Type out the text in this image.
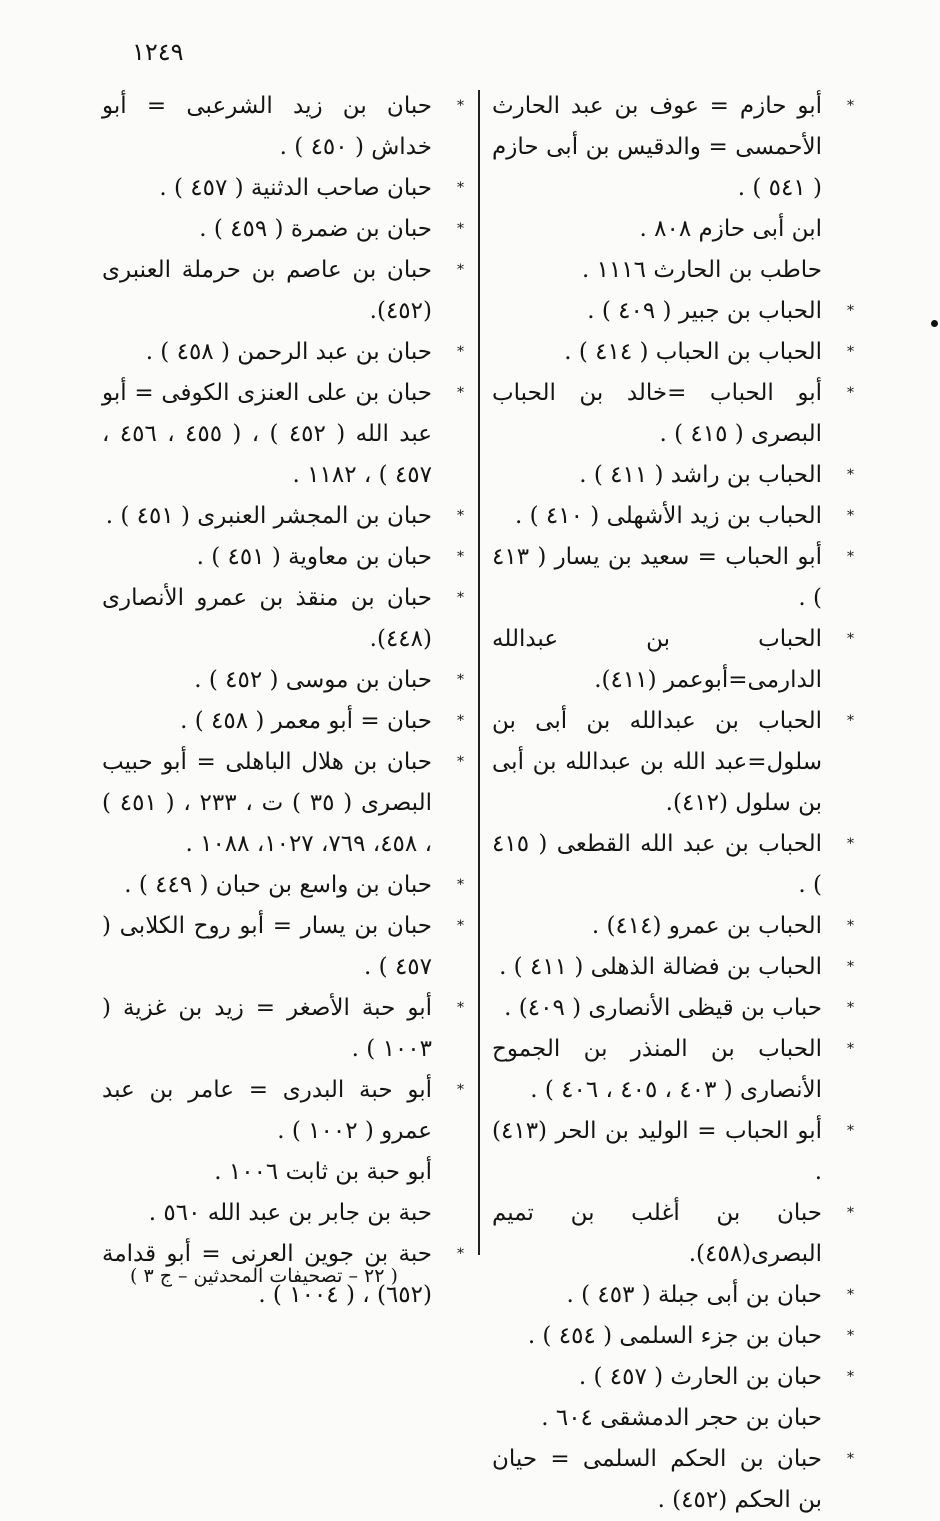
١٢٤٩
* أبو حازم = عوف بن عبد الحارث الأحمسى = والدقيس بن أبى حازم ( ٥٤١ ) .
ابن أبى حازم ٨٠٨ .
حاطب بن الحارث ١١١٦ .
* الحباب بن جبير ( ٤٠٩ ) .
* الحباب بن الحباب ( ٤١٤ ) .
* أبو الحباب =خالد بن الحباب البصرى ( ٤١٥ ) .
* الحباب بن راشد ( ٤١١ ) .
* الحباب بن زيد الأشهلى ( ٤١٠ ) .
* أبو الحباب = سعيد بن يسار ( ٤١٣ ) .
* الحباب بن عبدالله الدارمى=أبوعمر (٤١١).
* الحباب بن عبدالله بن أبى بن سلول=عبد الله بن عبدالله بن أبى بن سلول (٤١٢).
* الحباب بن عبد الله القطعى ( ٤١٥ ) .
* الحباب بن عمرو (٤١٤) .
* الحباب بن فضالة الذهلى ( ٤١١ ) .
* حباب بن قيظى الأنصارى ( ٤٠٩) .
* الحباب بن المنذر بن الجموح الأنصارى ( ٤٠٣ ، ٤٠٥ ، ٤٠٦ ) .
* أبو الحباب = الوليد بن الحر (٤١٣) .
* حبان بن أغلب بن تميم البصرى(٤٥٨).
* حبان بن أبى جبلة ( ٤٥٣ ) .
* حبان بن جزء السلمى ( ٤٥٤ ) .
* حبان بن الحارث ( ٤٥٧ ) .
حبان بن حجر الدمشقى ٦٠٤ .
* حبان بن الحكم السلمى = حيان بن الحكم (٤٥٢) .
* حبان بن زيد الشرعبى = أبو خداش ( ٤٥٠ ) .
* حبان صاحب الدثنية ( ٤٥٧ ) .
* حبان بن ضمرة ( ٤٥٩ ) .
* حبان بن عاصم بن حرملة العنبرى (٤٥٢).
* حبان بن عبد الرحمن ( ٤٥٨ ) .
* حبان بن على العنزى الكوفى = أبو عبد الله ( ٤٥٢ ) ، ( ٤٥٥ ، ٤٥٦ ، ٤٥٧ ) ، ١١٨٢ .
* حبان بن المجشر العنبرى ( ٤٥١ ) .
* حبان بن معاوية ( ٤٥١ ) .
* حبان بن منقذ بن عمرو الأنصارى (٤٤٨).
* حبان بن موسى ( ٤٥٢ ) .
* حبان = أبو معمر ( ٤٥٨ ) .
* حبان بن هلال الباهلى = أبو حبيب البصرى ( ٣٥ ) ت ، ٢٣٣ ، ( ٤٥١ ) ، ٤٥٨، ٧٦٩، ١٠٢٧، ١٠٨٨ .
* حبان بن واسع بن حبان ( ٤٤٩ ) .
* حبان بن يسار = أبو روح الكلابى ( ٤٥٧ ) .
* أبو حبة الأصغر = زيد بن غزية ( ١٠٠٣ ) .
* أبو حبة البدرى = عامر بن عبد عمرو ( ١٠٠٢ ) .
أبو حبة بن ثابت ١٠٠٦ .
حبة بن جابر بن عبد الله ٥٦٠ .
* حبة بن جوين العرنى = أبو قدامة (٦٥٢) ، ( ١٠٠٤ ) .
( ٢٢ – تصحيفات المحدثين – ج ٣ )
